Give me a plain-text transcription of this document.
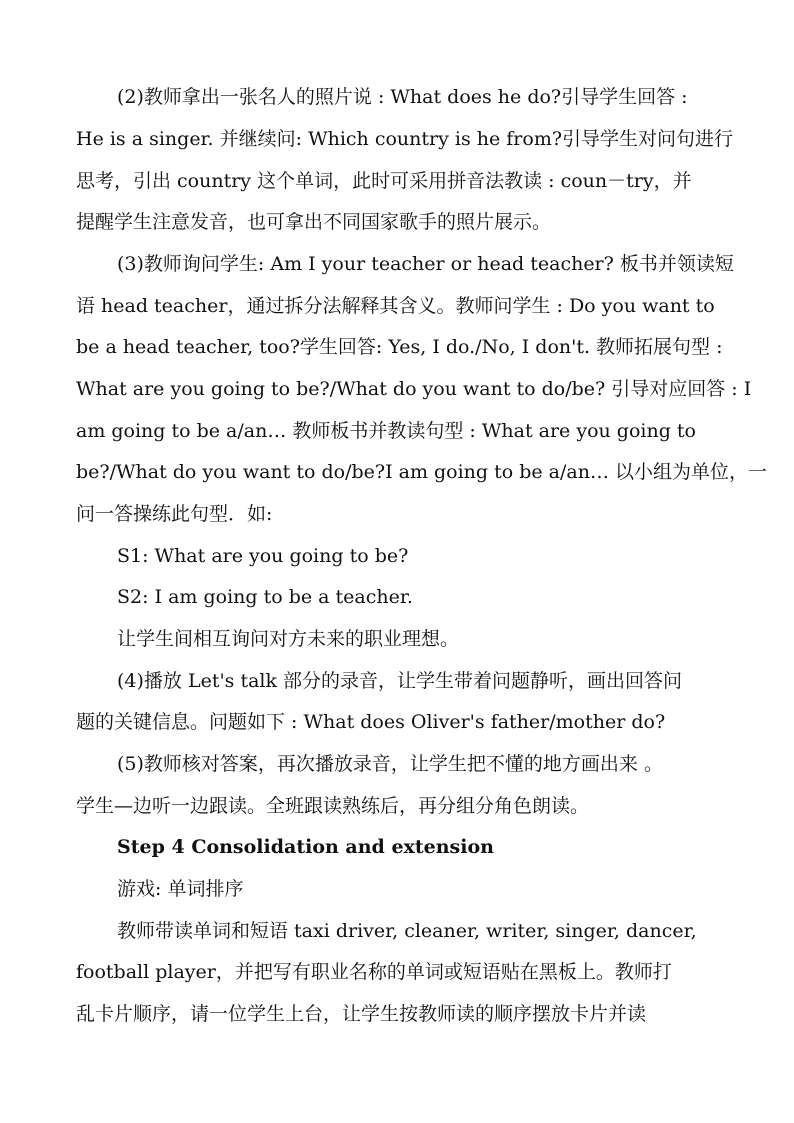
(2)教师拿出一张名人的照片说 : What does he do?引导学生回答 :
He is a singer. 并继续问: Which country is he from?引导学生对问句进行
思考，引出 country 这个单词，此时可采用拼音法教读 : coun－try，并
提醒学生注意发音，也可拿出不同国家歌手的照片展示。
(3)教师询问学生: Am I your teacher or head teacher? 板书并领读短
语 head teacher，通过拆分法解释其含义。教师问学生 : Do you want to
be a head teacher, too?学生回答: Yes, I do./No, I don't. 教师拓展句型 :
What are you going to be?/What do you want to do/be? 引导对应回答 : I
am going to be a/an… 教师板书并教读句型 : What are you going to
be?/What do you want to do/be?I am going to be a/an… 以小组为单位，一
问一答操练此句型．如:
S1: What are you going to be?
S2: I am going to be a teacher.
让学生间相互询问对方未来的职业理想。
(4)播放 Let's talk 部分的录音，让学生带着问题静听，画出回答问
题的关键信息。问题如下 : What does Oliver's father/mother do?
(5)教师核对答案，再次播放录音，让学生把不懂的地方画出来 。
学生—边听一边跟读。全班跟读熟练后，再分组分角色朗读。
Step 4 Consolidation and extension
游戏: 单词排序
教师带读单词和短语 taxi driver, cleaner, writer, singer, dancer,
football player，并把写有职业名称的单词或短语贴在黑板上。教师打
乱卡片顺序，请一位学生上台，让学生按教师读的顺序摆放卡片并读
